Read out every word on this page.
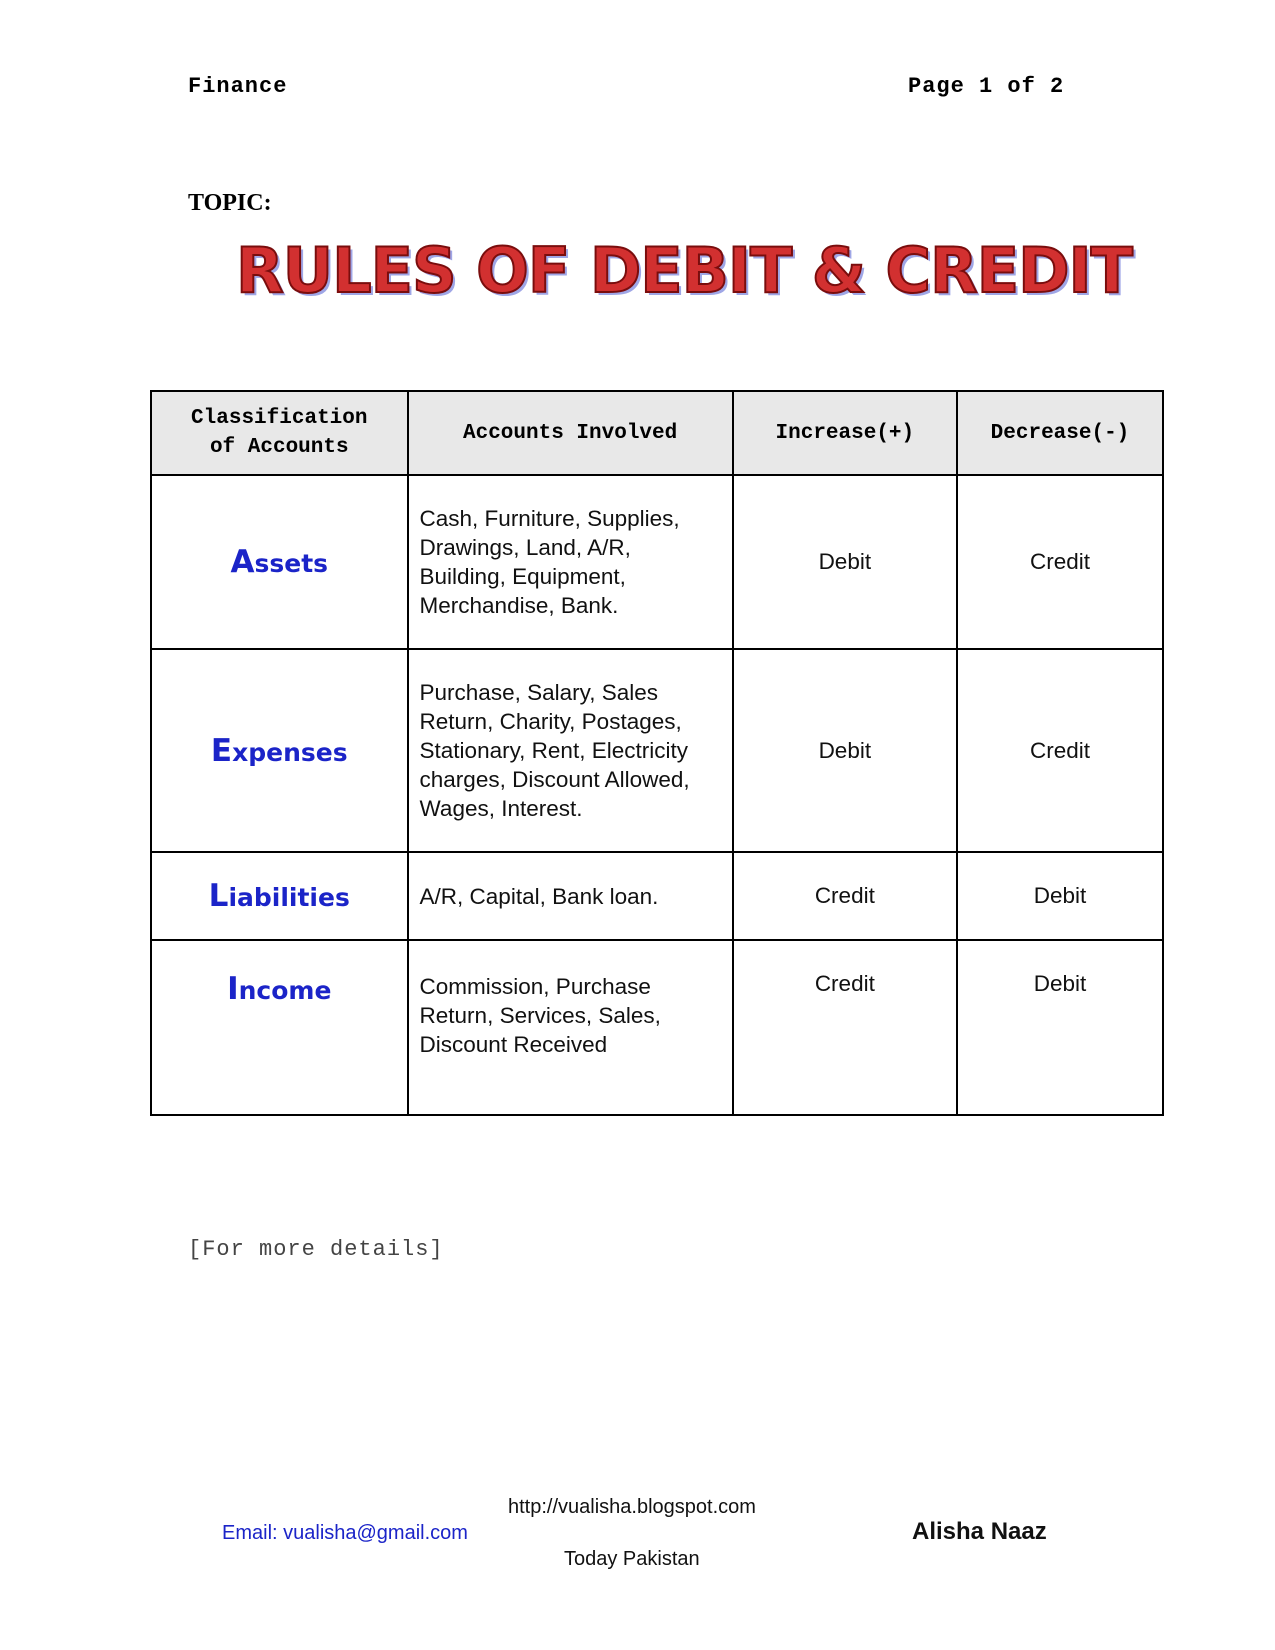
Finance	Page 1 of 2
TOPIC:
RULES OF DEBIT & CREDIT
Classification
of Accounts	Accounts Involved	Increase(+)	Decrease(-)
Assets	Cash, Furniture, Supplies,
Drawings, Land, A/R,
Building, Equipment,
Merchandise, Bank.	Debit	Credit
Expenses	Purchase, Salary, Sales
Return, Charity, Postages,
Stationary, Rent, Electricity
charges, Discount Allowed,
Wages, Interest.	Debit	Credit
Liabilities	A/R, Capital, Bank loan.	Credit	Debit
Income	Commission, Purchase
Return, Services, Sales,
Discount Received	Credit	Debit
[For more details]
http://vualisha.blogspot.com
Email: vualisha@gmail.com	Alisha Naaz
Today Pakistan
